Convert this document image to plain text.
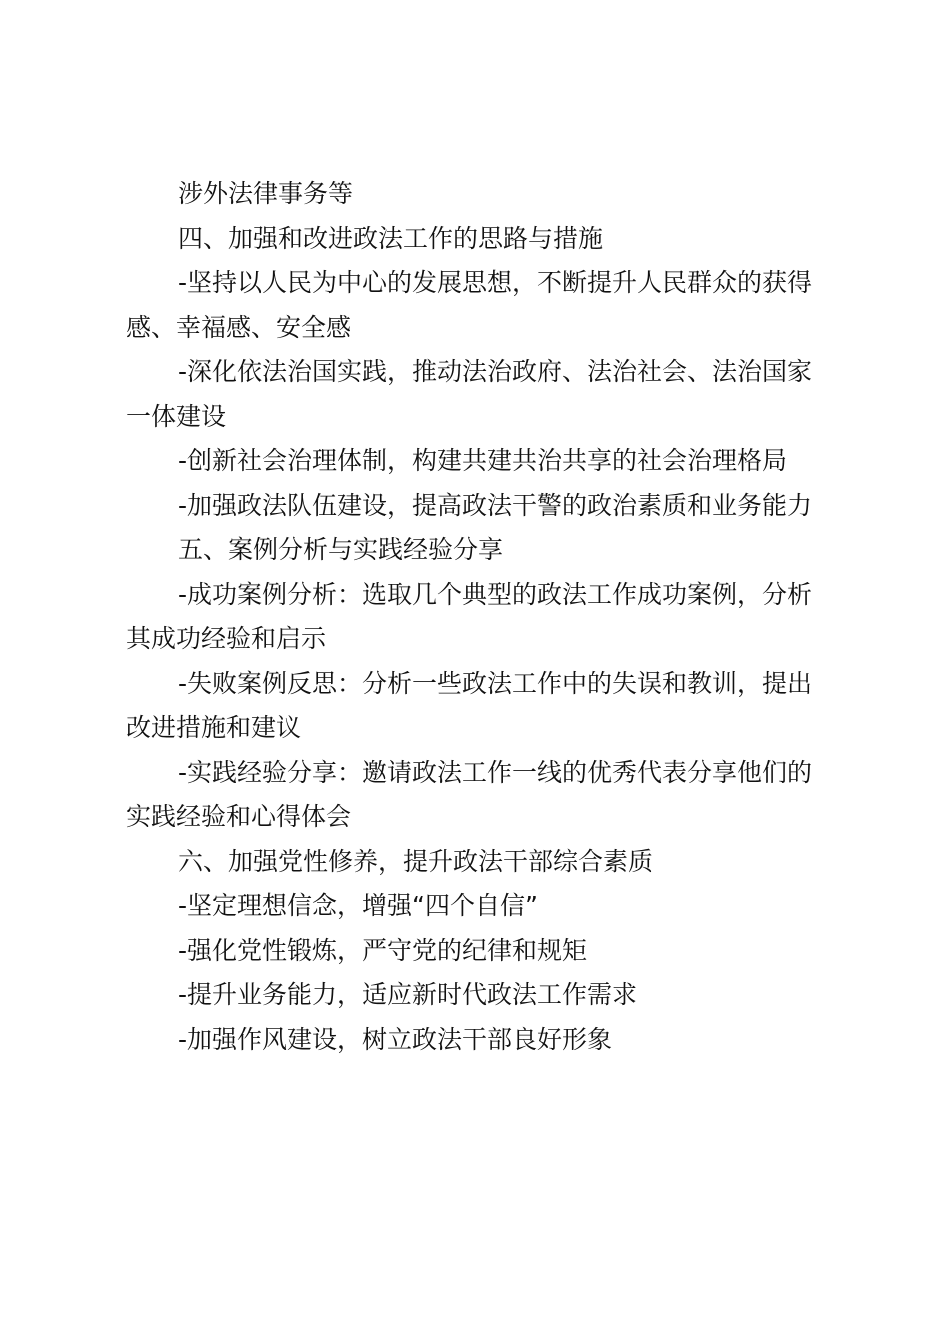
涉外法律事务等

四、加强和改进政法工作的思路与措施

-坚持以人民为中心的发展思想，不断提升人民群众的获得

感、幸福感、安全感

-深化依法治国实践，推动法治政府、法治社会、法治国家

一体建设

-创新社会治理体制，构建共建共治共享的社会治理格局

-加强政法队伍建设，提高政法干警的政治素质和业务能力

五、案例分析与实践经验分享

-成功案例分析：选取几个典型的政法工作成功案例，分析

其成功经验和启示

-失败案例反思：分析一些政法工作中的失误和教训，提出

改进措施和建议

-实践经验分享：邀请政法工作一线的优秀代表分享他们的

实践经验和心得体会

六、加强党性修养，提升政法干部综合素质

-坚定理想信念，增强“四个自信”

-强化党性锻炼，严守党的纪律和规矩

-提升业务能力，适应新时代政法工作需求

-加强作风建设，树立政法干部良好形象
